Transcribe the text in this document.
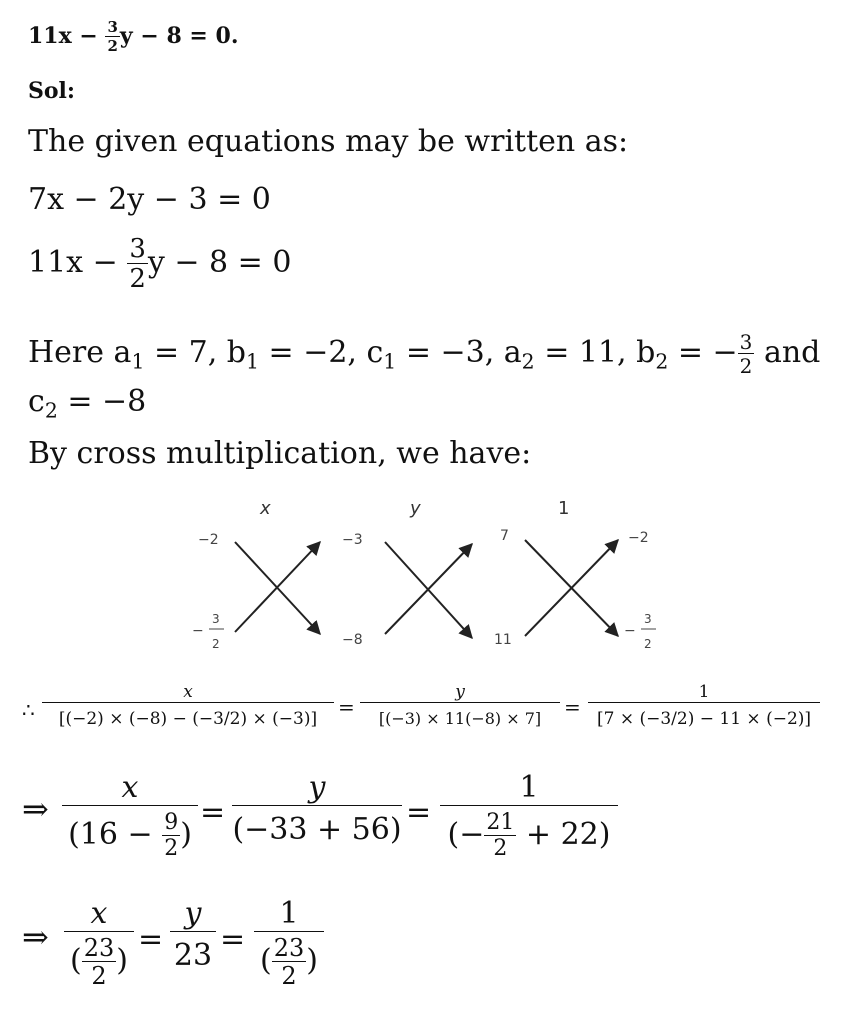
$11x - \frac{3}{2}$ y − 8 = 0.
Sol:
The given equations may be written as:
7x − 2y − 3 = 0
$11x - \frac{3}{2}$ y − 8 = 0
Here $a_1 = 7$, $b_1 = -2$, $c_1 = -3$, $a_2 = 11$, $b_2$ = − $\frac{3}{2}$ and
$c_2 = -8$
By cross multiplication, we have:
x	y	1
−2
−
3
2
−3
−8
7
11
−2
−
3
2
∴ $\frac{x}{[(-2) \times (-8) - (-3/2) \times (-3)]} = \frac{y}{[(-3) \times 11(-8) \times 7]} = \frac{1}{[7 \times (-3/2) - 11 \times (-2)]}$
⇒ $\frac{x}{(16 - \frac{9}{2} )} = \frac{y}{(-33 + 56)} = \frac{1}{(- \frac{21}{2} + 22)}$
⇒ $\frac{x}{( \frac{23}{2} )} = \frac{y}{23} = \frac{1}{( \frac{23}{2} )}$
